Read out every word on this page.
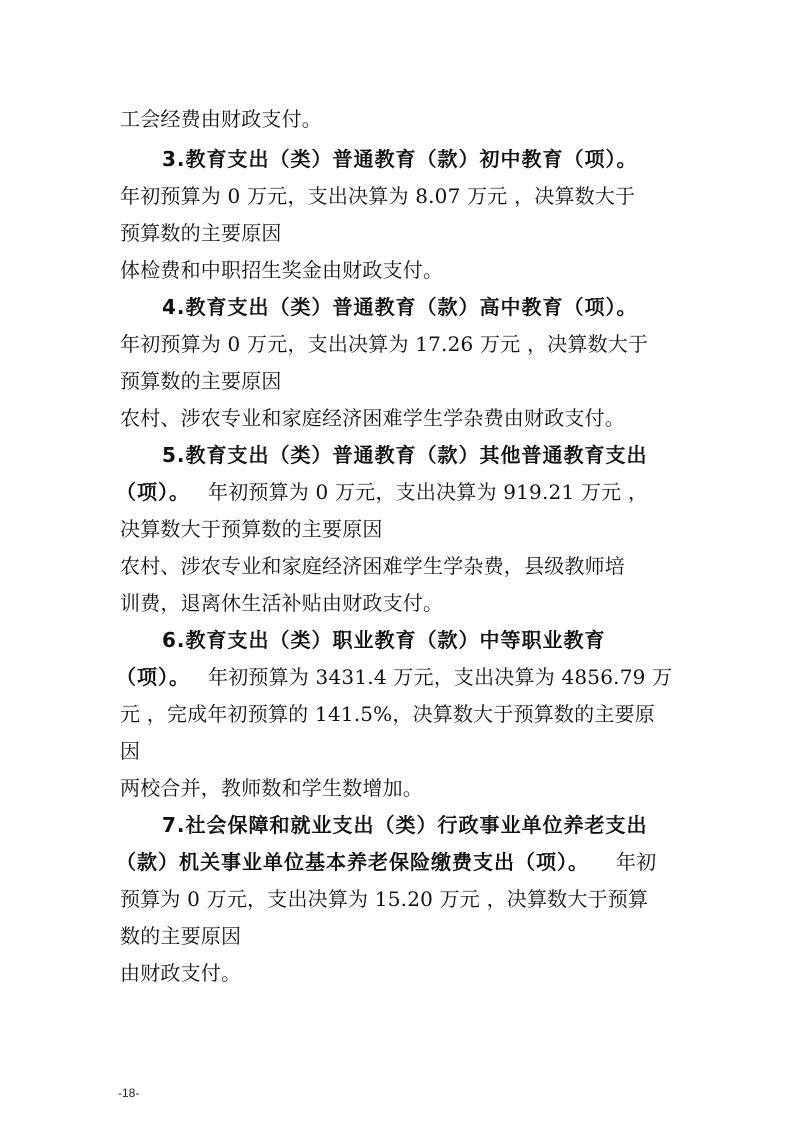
工会经费由财政支付。
3.教育支出（类）普通教育（款）初中教育（项）。
年初预算为 0 万元，支出决算为 8.07 万元 ，决算数大于
预算数的主要原因
体检费和中职招生奖金由财政支付。
4.教育支出（类）普通教育（款）高中教育（项）。
年初预算为 0 万元，支出决算为 17.26 万元 ，决算数大于
预算数的主要原因
农村、涉农专业和家庭经济困难学生学杂费由财政支付。
5.教育支出（类）普通教育（款）其他普通教育支出
（项）。 年初预算为 0 万元，支出决算为 919.21 万元 ，
决算数大于预算数的主要原因
农村、涉农专业和家庭经济困难学生学杂费，县级教师培
训费，退离休生活补贴由财政支付。
6.教育支出（类）职业教育（款）中等职业教育
（项）。 年初预算为 3431.4 万元，支出决算为 4856.79 万
元 ，完成年初预算的 141.5%，决算数大于预算数的主要原
因
两校合并，教师数和学生数增加。
7.社会保障和就业支出（类）行政事业单位养老支出
（款）机关事业单位基本养老保险缴费支出（项）。 年初
预算为 0 万元，支出决算为 15.20 万元 ，决算数大于预算
数的主要原因
由财政支付。
-18-
